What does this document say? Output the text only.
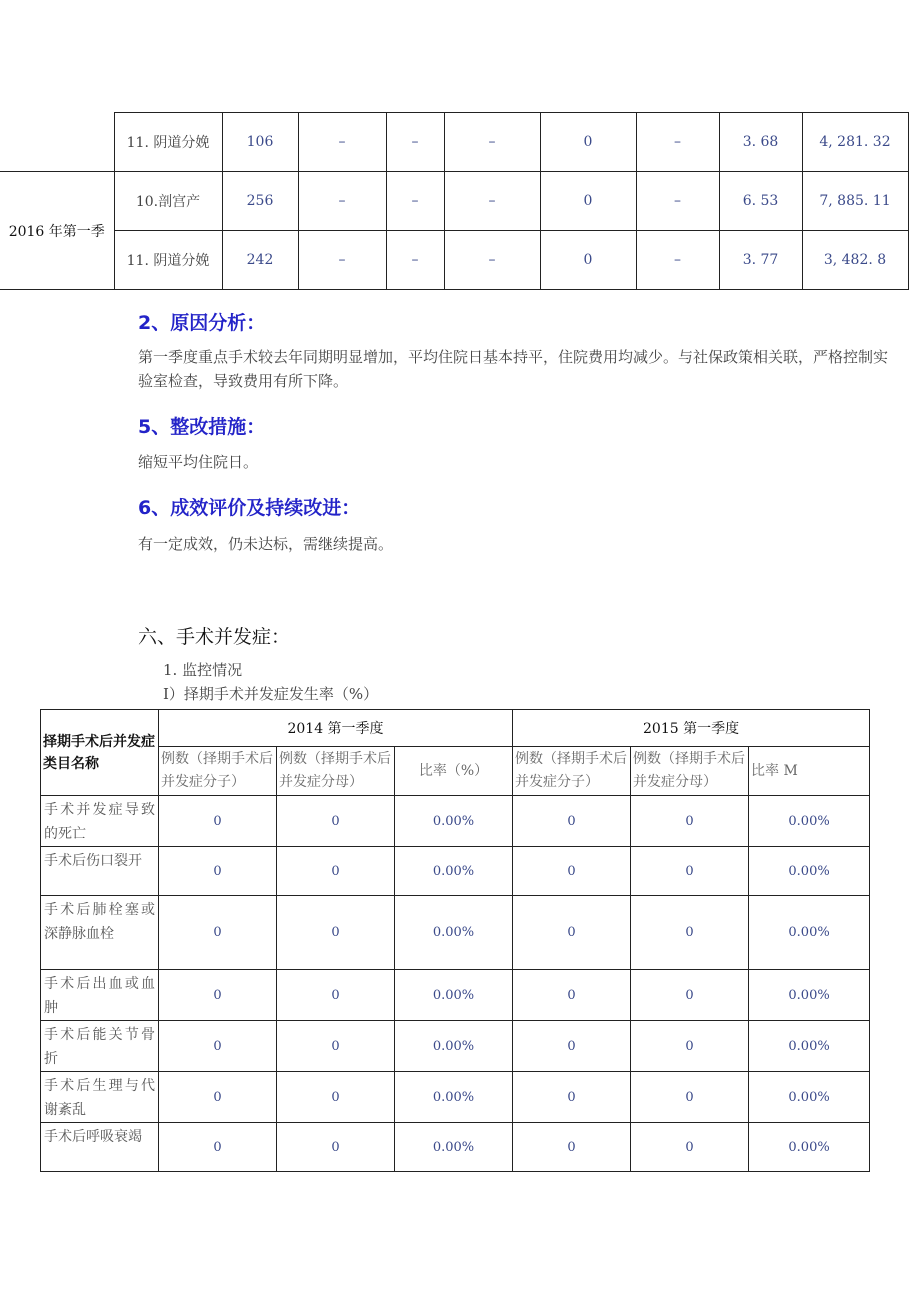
	11. 阴道分娩	106	–	–	–	0	–	3. 68	4, 281. 32
2016 年第一季	10.剖宫产	256	–	–	–	0	–	6. 53	7, 885. 11
	11. 阴道分娩	242	–	–	–	0	–	3. 77	3, 482. 8
2、原因分析：

第一季度重点手术较去年同期明显增加，平均住院日基本持平，住院费用均减少。与社保政策相关联，严格控制实验室检查，导致费用有所下降。

5、整改措施：

缩短平均住院日。

6、成效评价及持续改进：

有一定成效，仍未达标，需继续提高。

六、手术并发症：

1. 监控情况

I）择期手术并发症发生率（%）

择期手术后并发症类目名称	2014 第一季度			2015 第一季度		
	例数（择期手术后并发症分子）	例数（择期手术后并发症分母）	比率（%）	例数（择期手术后并发症分子）	例数（择期手术后并发症分母）	比率 M
手术并发症导致的死亡	0	0	0.00%	0	0	0.00%
手术后伤口裂开	0	0	0.00%	0	0	0.00%
手术后肺栓塞或深静脉血栓	0	0	0.00%	0	0	0.00%
手术后出血或血肿	0	0	0.00%	0	0	0.00%
手术后能关节骨折	0	0	0.00%	0	0	0.00%
手术后生理与代谢紊乱	0	0	0.00%	0	0	0.00%
手术后呼吸衰竭	0	0	0.00%	0	0	0.00%
